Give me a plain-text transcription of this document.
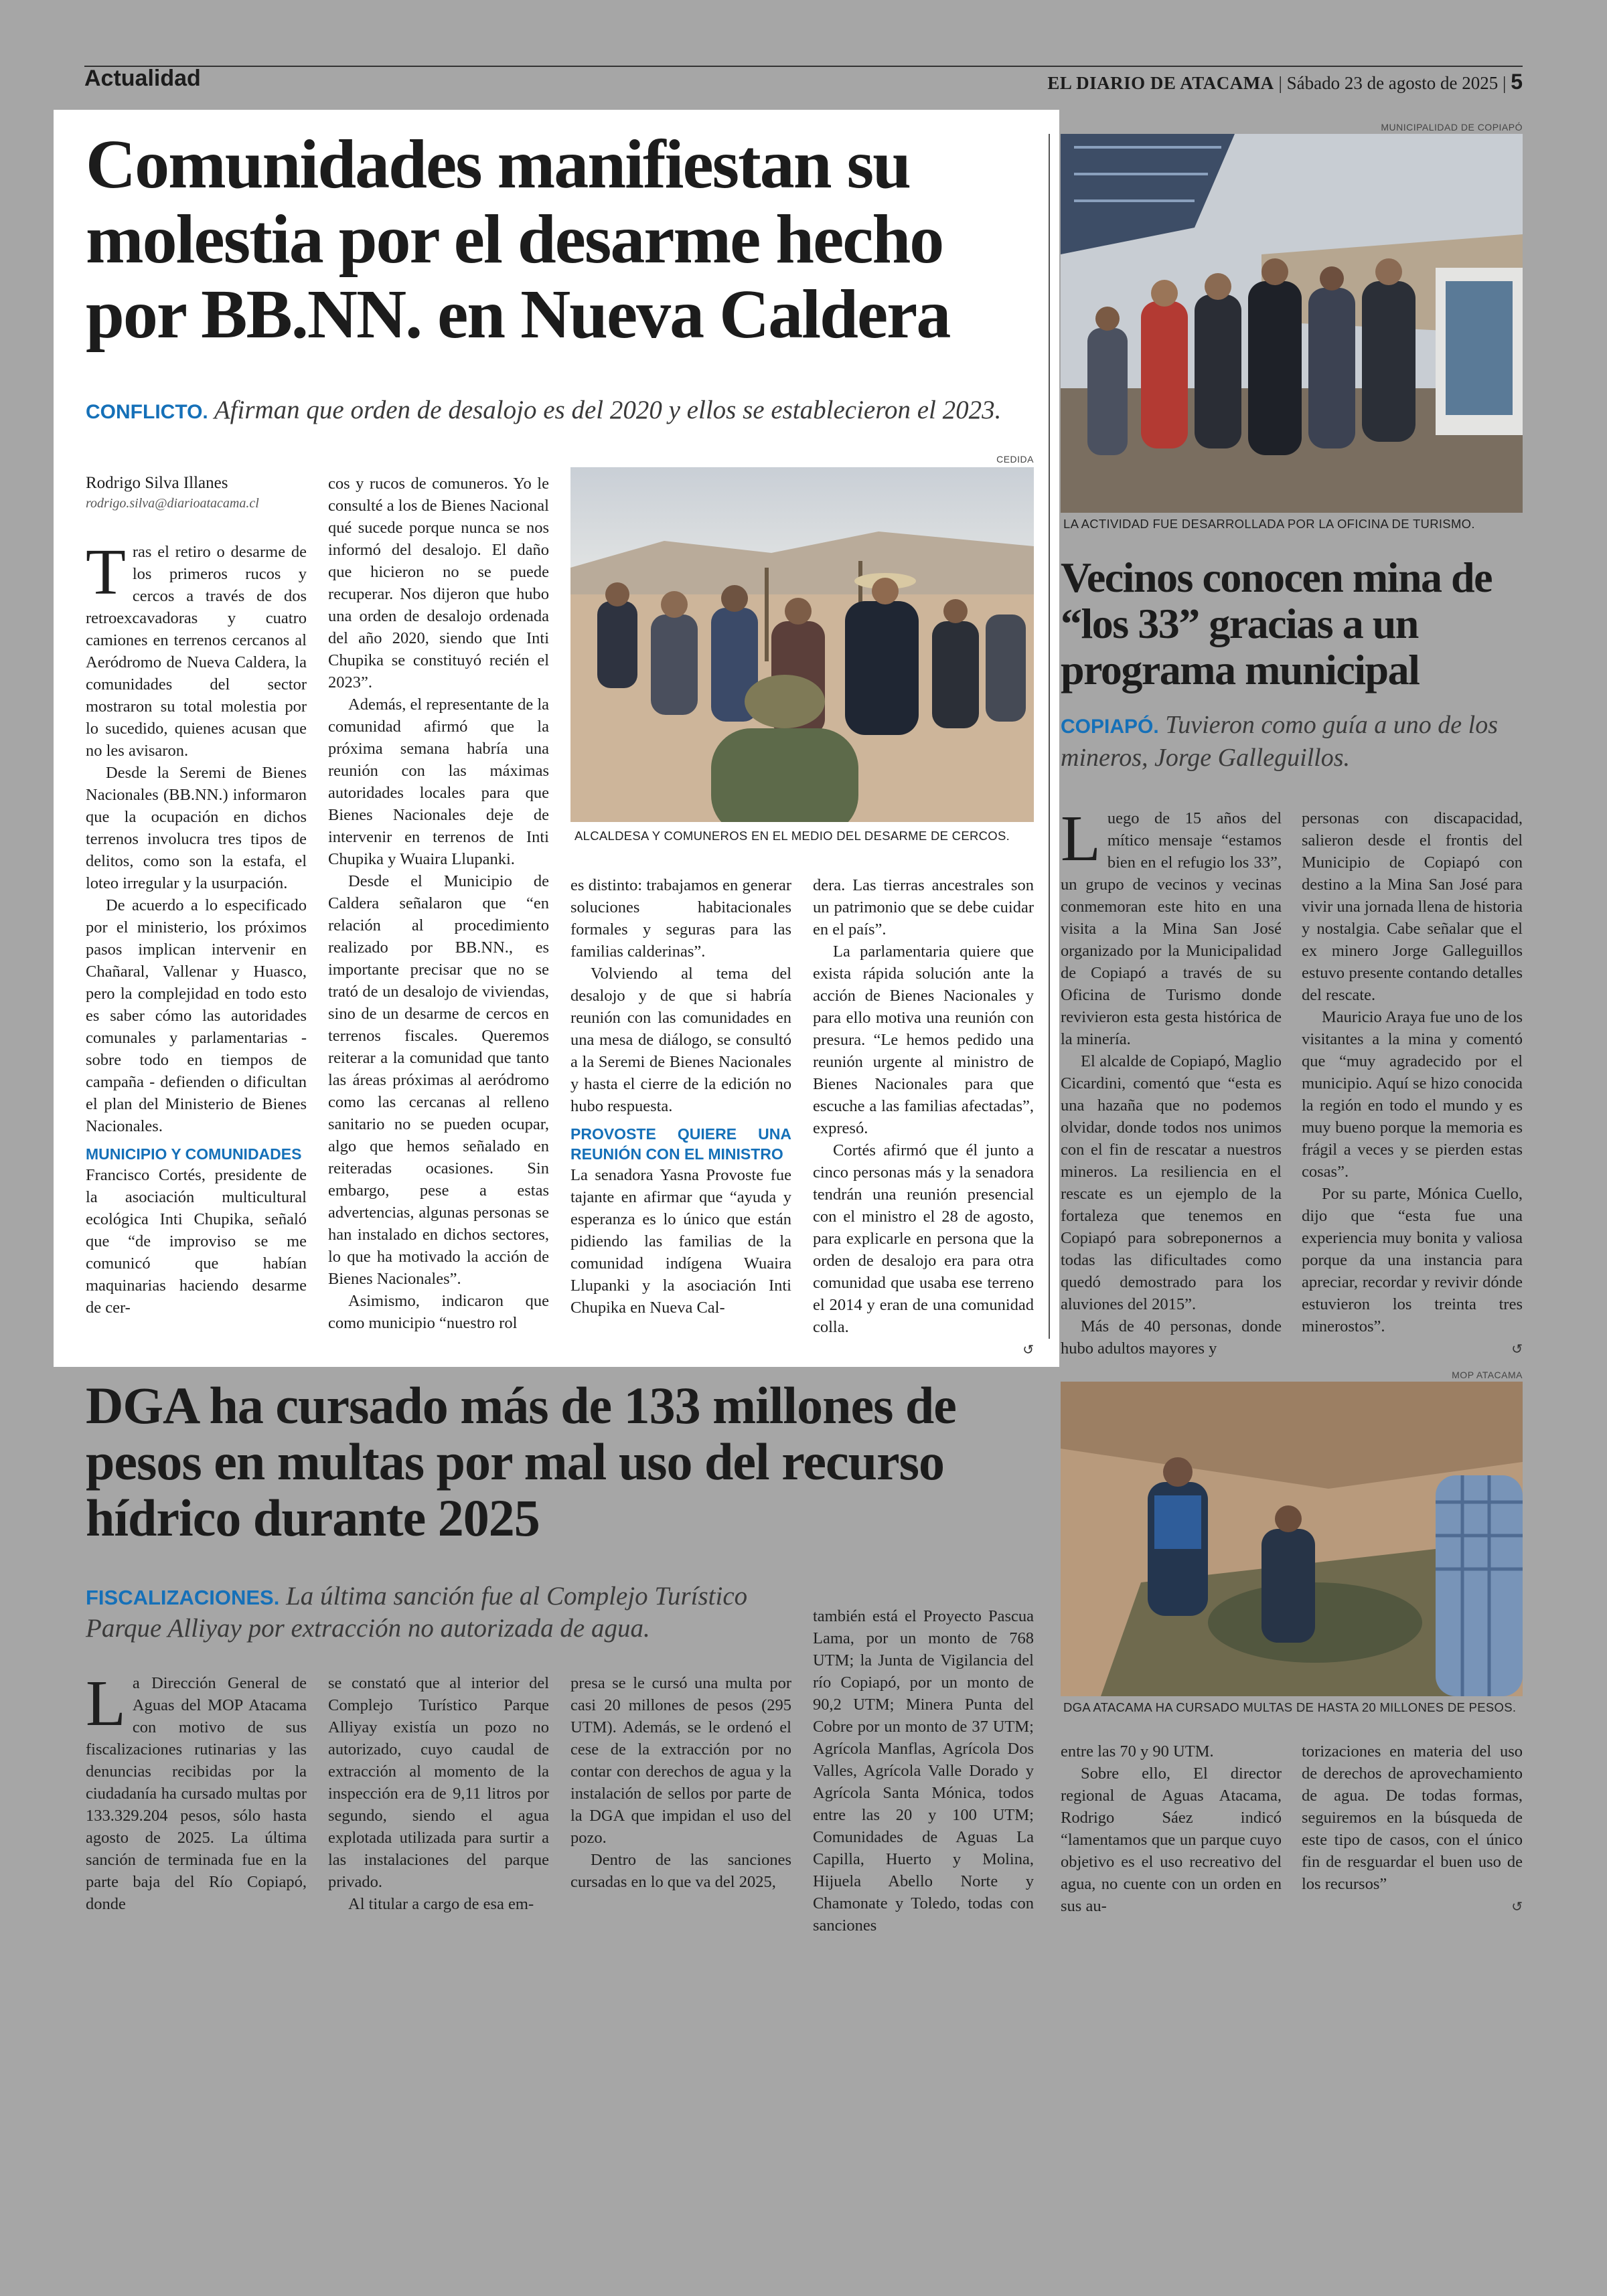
Actualidad	EL DIARIO DE ATACAMA | Sábado 23 de agosto de 2025 | 5
Comunidades manifiestan su molestia por el desarme hecho por BB.NN. en Nueva Caldera
CONFLICTO. Afirman que orden de desalojo es del 2020 y ellos se establecieron el 2023.
Rodrigo Silva Illanes
rodrigo.silva@diarioatacama.cl

Tras el retiro o desarme de los primeros rucos y cercos a través de dos retroexcavadoras y cuatro camiones en terrenos cercanos al Aeródromo de Nueva Caldera, la comunidades del sector mostraron su total molestia por lo sucedido, quienes acusan que no les avisaron.

Desde la Seremi de Bienes Nacionales (BB.NN.) informaron que la ocupación en dichos terrenos involucra tres tipos de delitos, como son la estafa, el loteo irregular y la usurpación.

De acuerdo a lo especificado por el ministerio, los próximos pasos implican intervenir en Chañaral, Vallenar y Huasco, pero la complejidad en todo esto es saber cómo las autoridades comunales y parlamentarias - sobre todo en tiempos de campaña - defienden o dificultan el plan del Ministerio de Bienes Nacionales.

MUNICIPIO Y COMUNIDADES

Francisco Cortés, presidente de la asociación multicultural ecológica Inti Chupika, señaló que “de improviso se me comunicó que habían maquinarias haciendo desarme de cer-

cos y rucos de comuneros. Yo le consulté a los de Bienes Nacional qué sucede porque nunca se nos informó del desalojo. El daño que hicieron no se puede recuperar. Nos dijeron que hubo una orden de desalojo ordenada del año 2020, siendo que Inti Chupika se constituyó recién el 2023”.

Además, el representante de la comunidad afirmó que la próxima semana habría una reunión con las máximas autoridades locales para que Bienes Nacionales deje de intervenir en terrenos de Inti Chupika y Wuaira Llupanki.

Desde el Municipio de Caldera señalaron que “en relación al procedimiento realizado por BB.NN., es importante precisar que no se trató de un desalojo de viviendas, sino de un desarme de cercos en terrenos fiscales. Queremos reiterar a la comunidad que tanto las áreas próximas al aeródromo como las cercanas al relleno sanitario no se pueden ocupar, algo que hemos señalado en reiteradas ocasiones. Sin embargo, pese a estas advertencias, algunas personas se han instalado en dichos sectores, lo que ha motivado la acción de Bienes Nacionales”.

Asimismo, indicaron que como municipio “nuestro rol

CEDIDA
ALCALDESA Y COMUNEROS EN EL MEDIO DEL DESARME DE CERCOS.

es distinto: trabajamos en generar soluciones habitacionales formales y seguras para las familias calderinas”.

Volviendo al tema del desalojo y de que si habría reunión con las comunidades en una mesa de diálogo, se consultó a la Seremi de Bienes Nacionales y hasta el cierre de la edición no hubo respuesta.

PROVOSTE QUIERE UNA REUNIÓN CON EL MINISTRO

La senadora Yasna Provoste fue tajante en afirmar que “ayuda y esperanza es lo único que están pidiendo las familias de la comunidad indígena Wuaira Llupanki y la asociación Inti Chupika en Nueva Cal-

dera. Las tierras ancestrales son un patrimonio que se debe cuidar en el país”.

La parlamentaria quiere que exista rápida solución ante la acción de Bienes Nacionales y para ello motiva una reunión con presura. “Le hemos pedido una reunión urgente al ministro de Bienes Nacionales para que escuche a las familias afectadas”, expresó.

Cortés afirmó que él junto a cinco personas más y la senadora tendrán una reunión presencial con el ministro el 28 de agosto, para explicarle en persona que la orden de desalojo era para otra comunidad que usaba ese terreno el 2014 y eran de una comunidad colla.

↺
MUNICIPALIDAD DE COPIAPÓ
LA ACTIVIDAD FUE DESARROLLADA POR LA OFICINA DE TURISMO.
Vecinos conocen mina de “los 33” gracias a un programa municipal
COPIAPÓ. Tuvieron como guía a uno de los mineros, Jorge Galleguillos.

Luego de 15 años del mítico mensaje “estamos bien en el refugio los 33”, un grupo de vecinos y vecinas conmemoran este hito en una visita a la Mina San José organizado por la Municipalidad de Copiapó a través de su Oficina de Turismo donde revivieron esta gesta histórica de la minería.

El alcalde de Copiapó, Maglio Cicardini, comentó que “esta es una hazaña que no podemos olvidar, donde todos nos unimos con el fin de rescatar a nuestros mineros. La resiliencia en el rescate es un ejemplo de la fortaleza que tenemos en Copiapó para sobreponernos a todas las dificultades como quedó demostrado para los aluviones del 2015”.

Más de 40 personas, donde hubo adultos mayores y

personas con discapacidad, salieron desde el frontis del Municipio de Copiapó con destino a la Mina San José para vivir una jornada llena de historia y nostalgia. Cabe señalar que el ex minero Jorge Galleguillos estuvo presente contando detalles del rescate.

Mauricio Araya fue uno de los visitantes a la mina y comentó que “muy agradecido por el municipio. Aquí se hizo conocida la región en todo el mundo y es muy bueno porque la memoria es frágil a veces y se pierden estas cosas”.

Por su parte, Mónica Cuello, dijo que “esta fue una experiencia muy bonita y valiosa porque da una instancia para apreciar, recordar y revivir dónde estuvieron los treinta tres minerostos”.

↺
DGA ha cursado más de 133 millones de pesos en multas por mal uso del recurso hídrico durante 2025
FISCALIZACIONES. La última sanción fue al Complejo Turístico Parque Alliyay por extracción no autorizada de agua.

La Dirección General de Aguas del MOP Atacama con motivo de sus fiscalizaciones rutinarias y las denuncias recibidas por la ciudadanía ha cursado multas por 133.329.204 pesos, sólo hasta agosto de 2025. La última sanción de terminada fue en la parte baja del Río Copiapó, donde

se constató que al interior del Complejo Turístico Parque Alliyay existía un pozo no autorizado, cuyo caudal de extracción al momento de la inspección era de 9,11 litros por segundo, siendo el agua explotada utilizada para surtir a las instalaciones del parque privado.

Al titular a cargo de esa em-

presa se le cursó una multa por casi 20 millones de pesos (295 UTM). Además, se le ordenó el cese de la extracción por no contar con derechos de agua y la instalación de sellos por parte de la DGA que impidan el uso del pozo.

Dentro de las sanciones cursadas en lo que va del 2025,

también está el Proyecto Pascua Lama, por un monto de 768 UTM; la Junta de Vigilancia del río Copiapó, por un monto de 90,2 UTM; Minera Punta del Cobre por un monto de 37 UTM; Agrícola Manflas, Agrícola Dos Valles, Agrícola Valle Dorado y Agrícola Santa Mónica, todos entre las 20 y 100 UTM; Comunidades de Aguas La Capilla, Huerto y Molina, Hijuela Abello Norte y Chamonate y Toledo, todas con sanciones

MOP ATACAMA
DGA ATACAMA HA CURSADO MULTAS DE HASTA 20 MILLONES DE PESOS.

entre las 70 y 90 UTM.

Sobre ello, El director regional de Aguas Atacama, Rodrigo Sáez indicó “lamentamos que un parque cuyo objetivo es el uso recreativo del agua, no cuente con un orden en sus au-

torizaciones en materia del uso de derechos de aprovechamiento de agua. De todas formas, seguiremos en la búsqueda de este tipo de casos, con el único fin de resguardar el buen uso de los recursos”

↺
